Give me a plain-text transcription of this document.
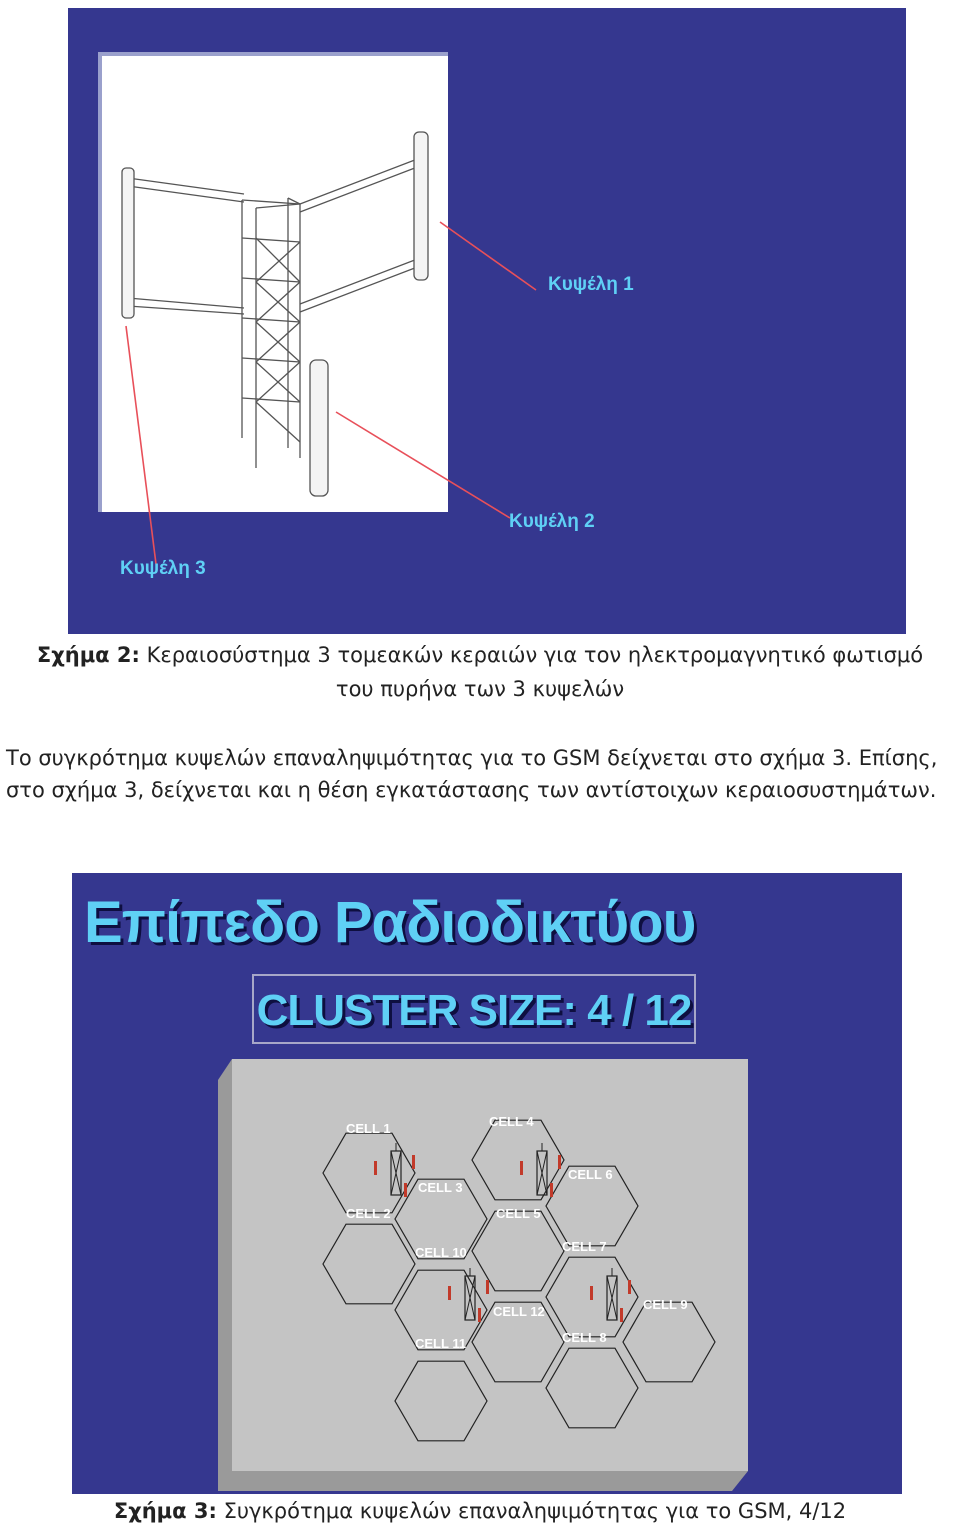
Κυψέλη 1
Κυψέλη 2
Κυψέλη 3
Σχήμα 2: Κεραιοσύστημα 3 τομεακών κεραιών για τον ηλεκτρομαγνητικό φωτισμό
του πυρήνα των 3 κυψελών
Το συγκρότημα κυψελών επαναληψιμότητας για το GSM δείχνεται στο σχήμα 3. Επίσης, στο σχήμα 3, δείχνεται και η θέση εγκατάστασης των αντίστοιχων κεραιοσυστημάτων.
Επίπεδο Ραδιοδικτύου
CLUSTER SIZE: 4 / 12
CELL 1
CELL 2
CELL 3
CELL 4
CELL 5
CELL 6
CELL 7
CELL 8
CELL 9
CELL 10
CELL 11
CELL 12
Σχήμα 3: Συγκρότημα κυψελών επαναληψιμότητας για το GSM, 4/12
